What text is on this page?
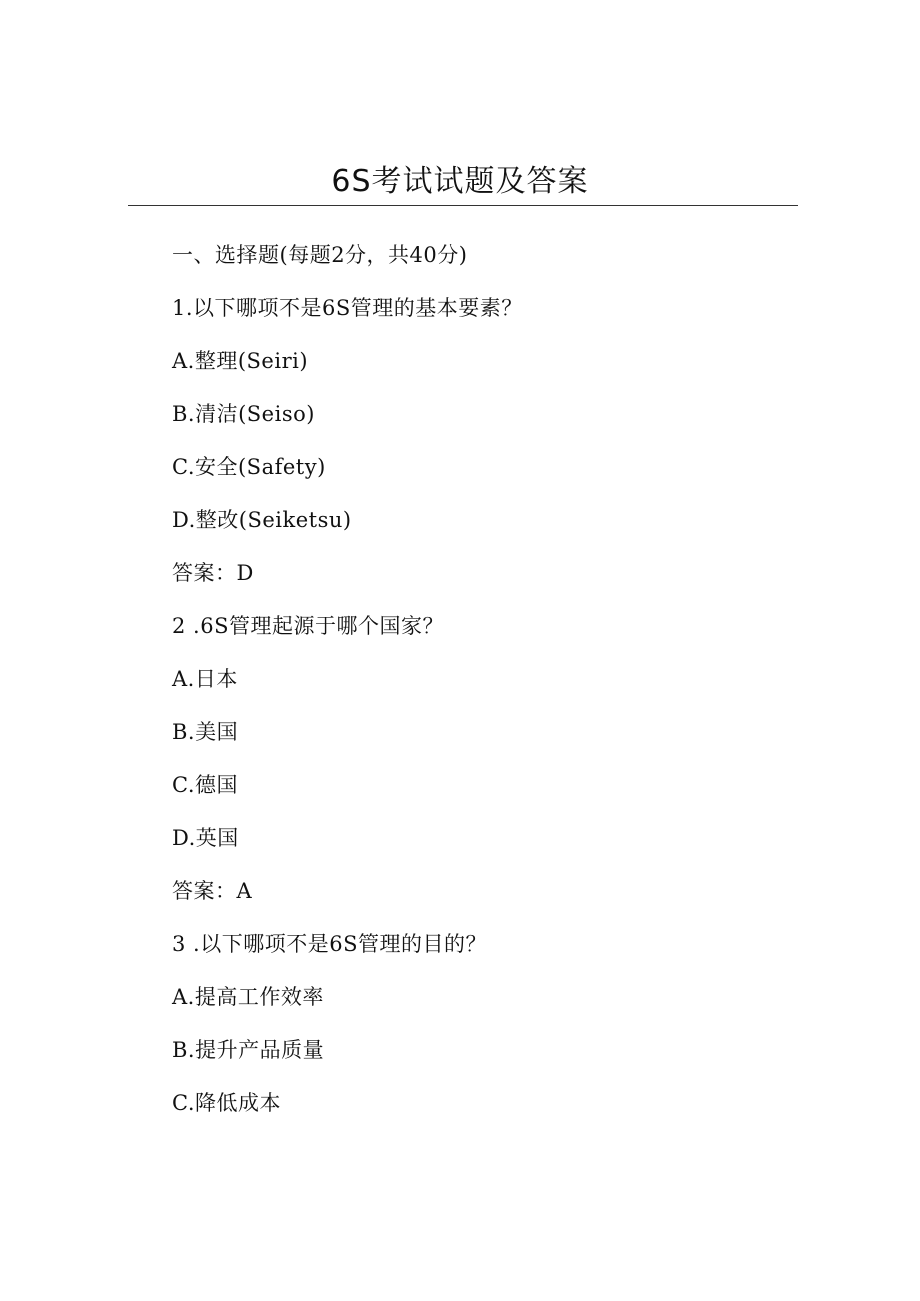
6S考试试题及答案
一、选择题(每题2分，共40分)
1.以下哪项不是6S管理的基本要素？
A.整理(Seiri)
B.清洁(Seiso)
C.安全(Safety)
D.整改(Seiketsu)
答案：D
2 .6S管理起源于哪个国家？
A.日本
B.美国
C.德国
D.英国
答案：A
3 .以下哪项不是6S管理的目的？
A.提高工作效率
B.提升产品质量
C.降低成本
